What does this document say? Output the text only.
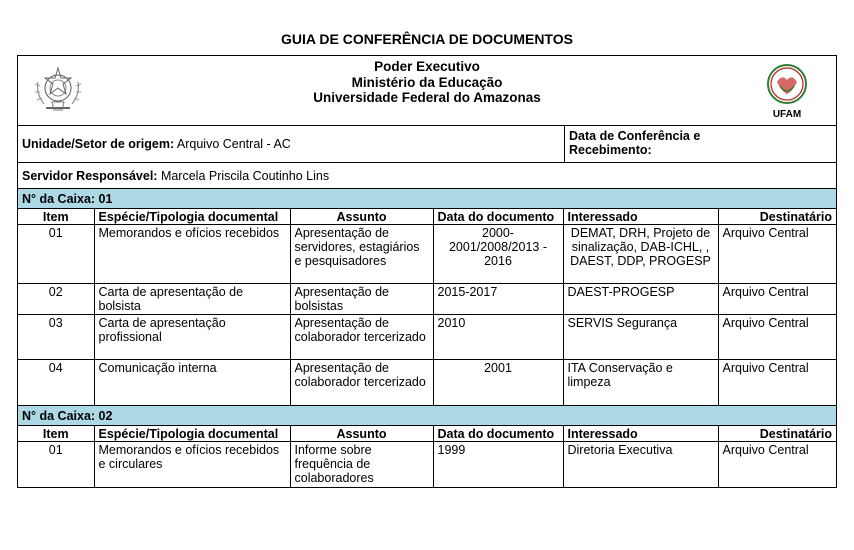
GUIA DE CONFERÊNCIA DE DOCUMENTOS
Poder Executivo
Ministério da Educação
Universidade Federal do Amazonas
UFAM
Unidade/Setor de origem: Arquivo Central - AC
Data de Conferência e
Recebimento:
Servidor Responsável: Marcela Priscila Coutinho Lins
N° da Caixa: 01
Item	Espécie/Tipologia documental	Assunto	Data do documento	Interessado	Destinatário
01	Memorandos e ofícios recebidos	Apresentação de servidores, estagiários e pesquisadores	2000-2001/2008/2013 - 2016	DEMAT, DRH, Projeto de sinalização, DAB-ICHL, , DAEST, DDP, PROGESP	Arquivo Central
02	Carta de apresentação de bolsista	Apresentação de bolsistas	2015-2017	DAEST-PROGESP	Arquivo Central
03	Carta de apresentação profissional	Apresentação de colaborador tercerizado	2010	SERVIS Segurança	Arquivo Central
04	Comunicação interna	Apresentação de colaborador tercerizado	2001	ITA Conservação e limpeza	Arquivo Central
N° da Caixa: 02
Item	Espécie/Tipologia documental	Assunto	Data do documento	Interessado	Destinatário
01	Memorandos e ofícios recebidos e circulares	Informe sobre frequência de colaboradores	1999	Diretoria Executiva	Arquivo Central
